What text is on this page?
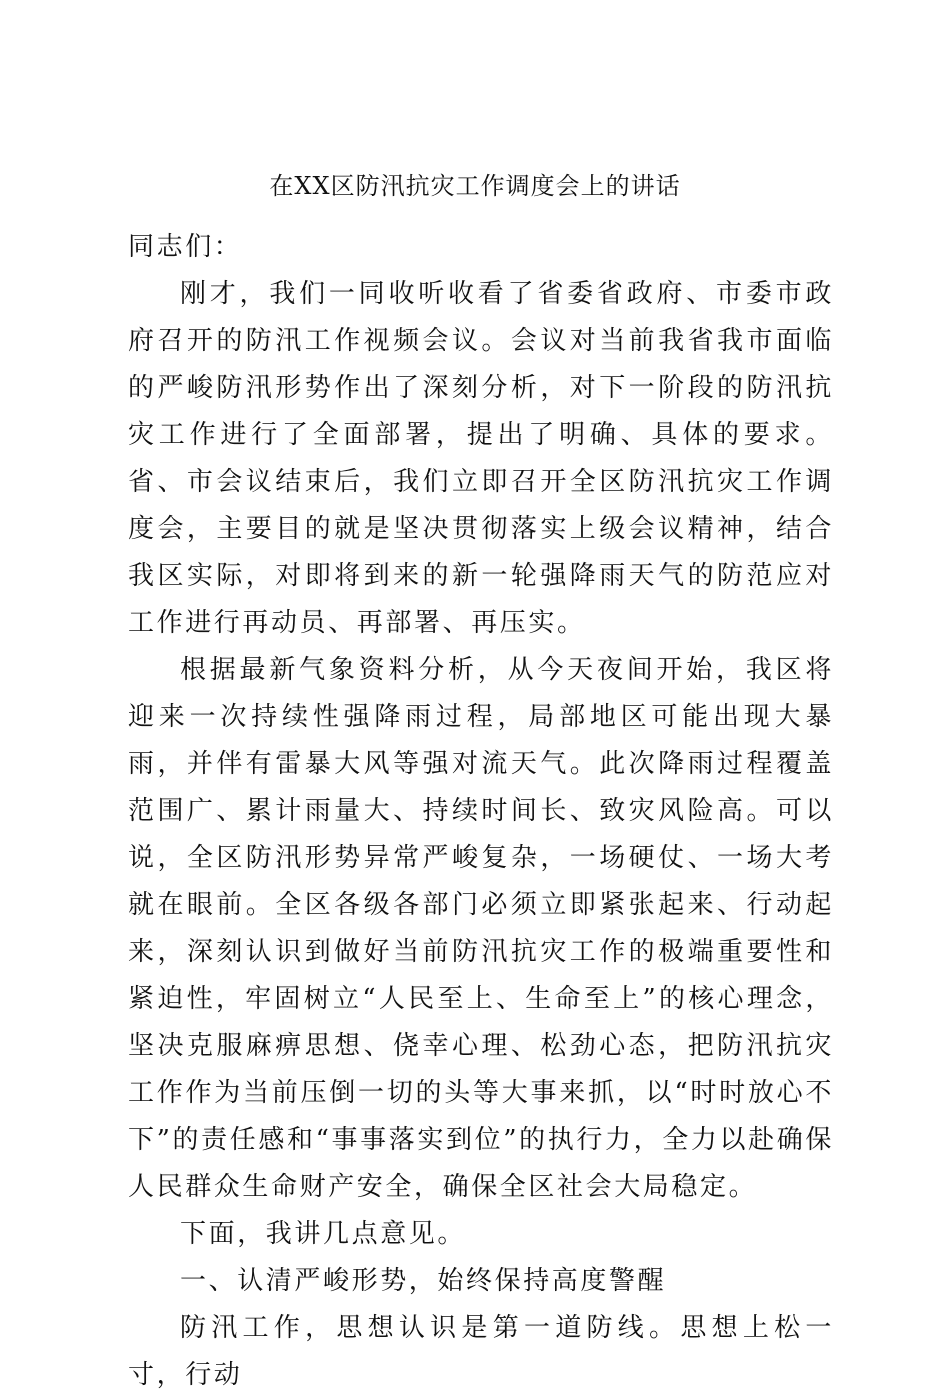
在XX区防汛抗灾工作调度会上的讲话

同志们：

刚才，我们一同收听收看了省委省政府、市委市政府召开的防汛工作视频会议。会议对当前我省我市面临的严峻防汛形势作出了深刻分析，对下一阶段的防汛抗灾工作进行了全面部署，提出了明确、具体的要求。省、市会议结束后，我们立即召开全区防汛抗灾工作调度会，主要目的就是坚决贯彻落实上级会议精神，结合我区实际，对即将到来的新一轮强降雨天气的防范应对工作进行再动员、再部署、再压实。

根据最新气象资料分析，从今天夜间开始，我区将迎来一次持续性强降雨过程，局部地区可能出现大暴雨，并伴有雷暴大风等强对流天气。此次降雨过程覆盖范围广、累计雨量大、持续时间长、致灾风险高。可以说，全区防汛形势异常严峻复杂，一场硬仗、一场大考就在眼前。全区各级各部门必须立即紧张起来、行动起来，深刻认识到做好当前防汛抗灾工作的极端重要性和紧迫性，牢固树立“人民至上、生命至上”的核心理念，坚决克服麻痹思想、侥幸心理、松劲心态，把防汛抗灾工作作为当前压倒一切的头等大事来抓，以“时时放心不下”的责任感和“事事落实到位”的执行力，全力以赴确保人民群众生命财产安全，确保全区社会大局稳定。

下面，我讲几点意见。

一、认清严峻形势，始终保持高度警醒

防汛工作，思想认识是第一道防线。思想上松一寸，行动
